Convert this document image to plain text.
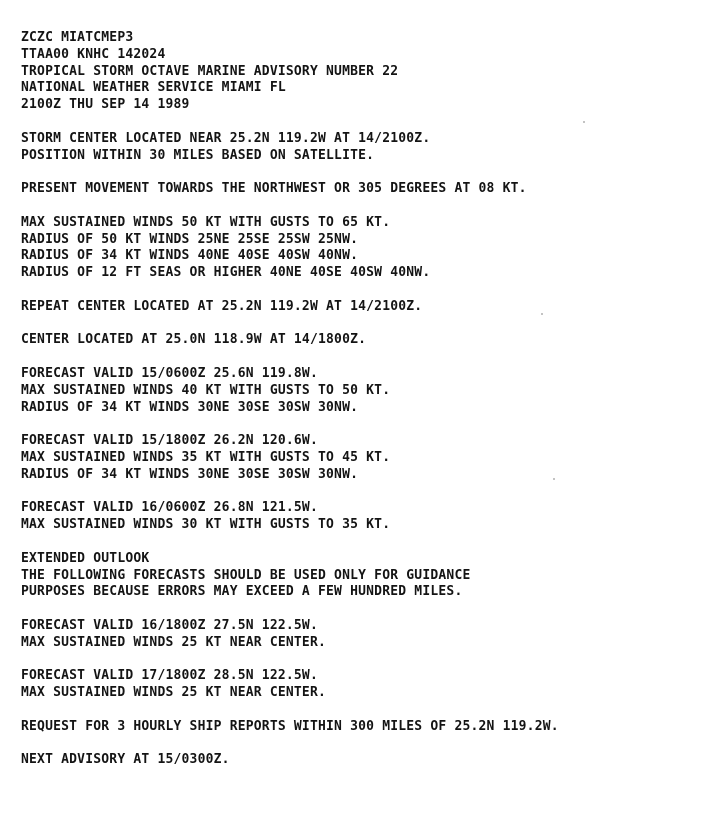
ZCZC MIATCMEP3
TTAA00 KNHC 142024
TROPICAL STORM OCTAVE MARINE ADVISORY NUMBER 22
NATIONAL WEATHER SERVICE MIAMI FL
2100Z THU SEP 14 1989
STORM CENTER LOCATED NEAR 25.2N 119.2W AT 14/2100Z.
POSITION WITHIN 30 MILES BASED ON SATELLITE.
PRESENT MOVEMENT TOWARDS THE NORTHWEST OR 305 DEGREES AT 08 KT.
MAX SUSTAINED WINDS 50 KT WITH GUSTS TO 65 KT.
RADIUS OF 50 KT WINDS 25NE 25SE 25SW 25NW.
RADIUS OF 34 KT WINDS 40NE 40SE 40SW 40NW.
RADIUS OF 12 FT SEAS OR HIGHER 40NE 40SE 40SW 40NW.
REPEAT CENTER LOCATED AT 25.2N 119.2W AT 14/2100Z.
CENTER LOCATED AT 25.0N 118.9W AT 14/1800Z.
FORECAST VALID 15/0600Z 25.6N 119.8W.
MAX SUSTAINED WINDS 40 KT WITH GUSTS TO 50 KT.
RADIUS OF 34 KT WINDS 30NE 30SE 30SW 30NW.
FORECAST VALID 15/1800Z 26.2N 120.6W.
MAX SUSTAINED WINDS 35 KT WITH GUSTS TO 45 KT.
RADIUS OF 34 KT WINDS 30NE 30SE 30SW 30NW.
FORECAST VALID 16/0600Z 26.8N 121.5W.
MAX SUSTAINED WINDS 30 KT WITH GUSTS TO 35 KT.
EXTENDED OUTLOOK
THE FOLLOWING FORECASTS SHOULD BE USED ONLY FOR GUIDANCE
PURPOSES BECAUSE ERRORS MAY EXCEED A FEW HUNDRED MILES.
FORECAST VALID 16/1800Z 27.5N 122.5W.
MAX SUSTAINED WINDS 25 KT NEAR CENTER.
FORECAST VALID 17/1800Z 28.5N 122.5W.
MAX SUSTAINED WINDS 25 KT NEAR CENTER.
REQUEST FOR 3 HOURLY SHIP REPORTS WITHIN 300 MILES OF 25.2N 119.2W.
NEXT ADVISORY AT 15/0300Z.
